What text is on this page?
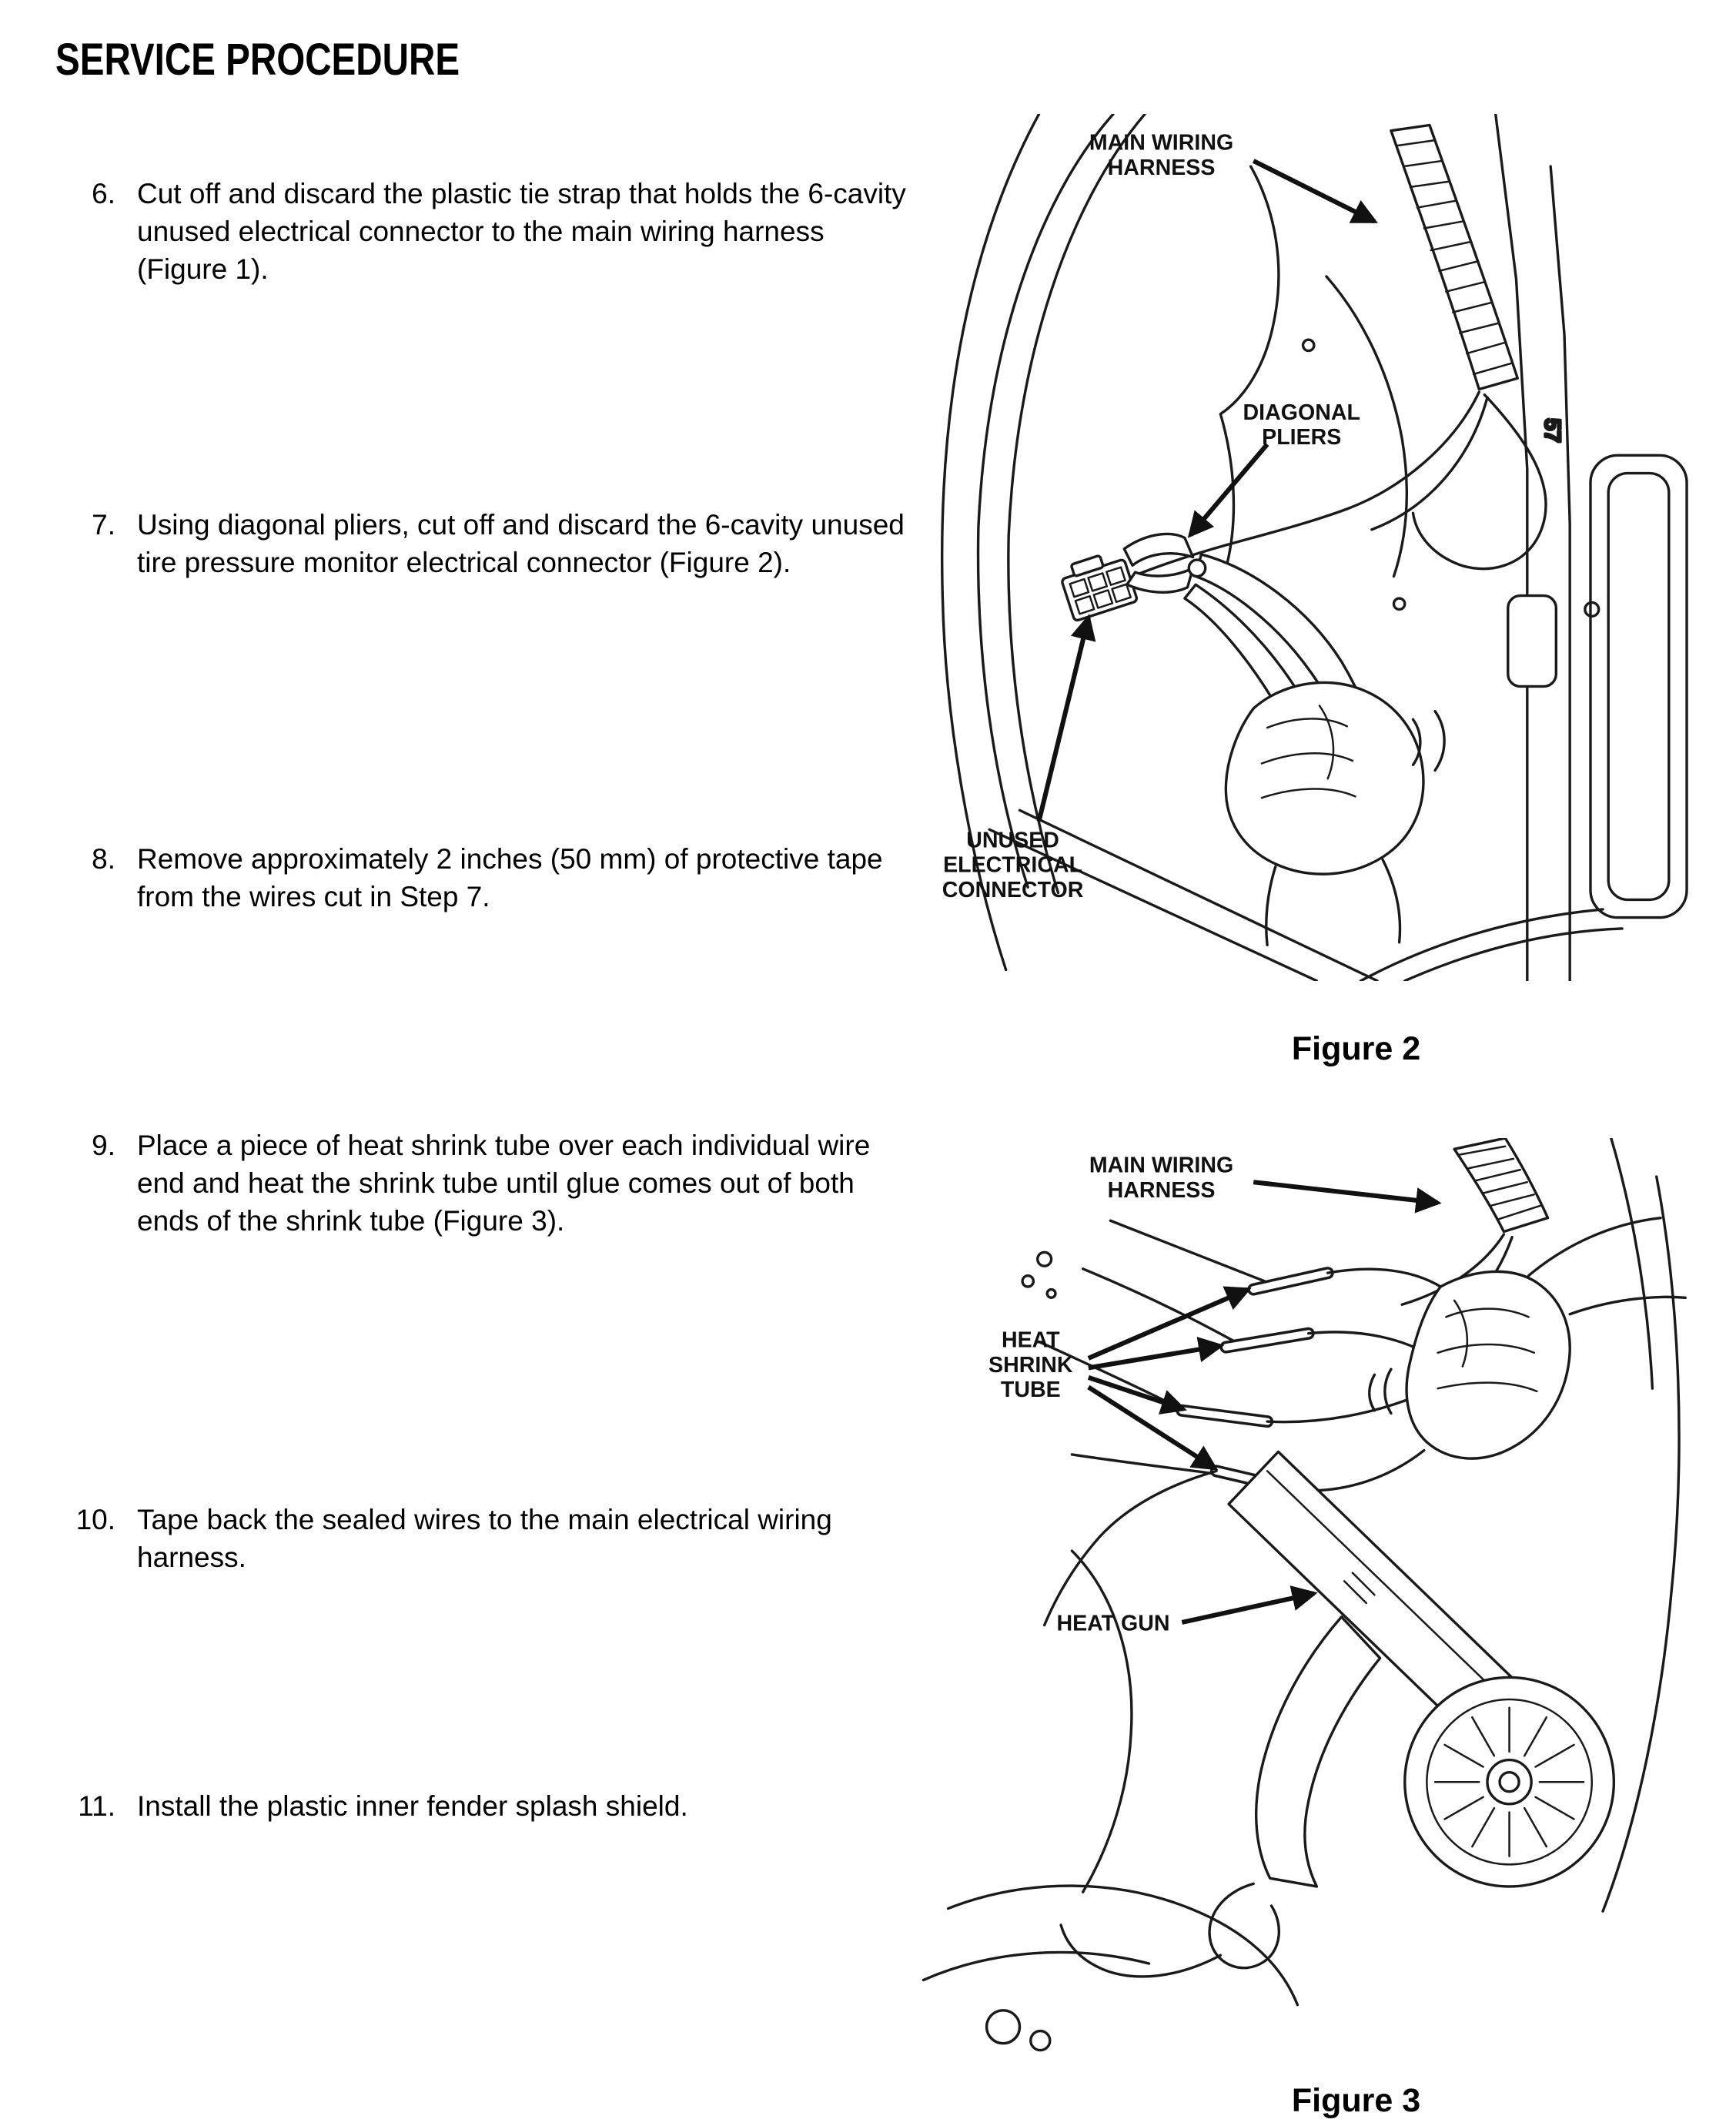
SERVICE PROCEDURE
6. Cut off and discard the plastic tie strap that holds the 6-cavity unused electrical connector to the main wiring harness (Figure 1).
7. Using diagonal pliers, cut off and discard the 6-cavity unused tire pressure monitor electrical connector (Figure 2).
8. Remove approximately 2 inches (50 mm) of protective tape from the wires cut in Step 7.
9. Place a piece of heat shrink tube over each individual wire end and heat the shrink tube until glue comes out of both ends of the shrink tube (Figure 3).
10. Tape back the sealed wires to the main electrical wiring harness.
11. Install the plastic inner fender splash shield.
57
MAIN WIRING
HARNESS
DIAGONAL
PLIERS
UNUSED
ELECTRICAL
CONNECTOR
Figure 2
MAIN WIRING
HARNESS
HEAT
SHRINK
TUBE
HEAT GUN
Figure 3
